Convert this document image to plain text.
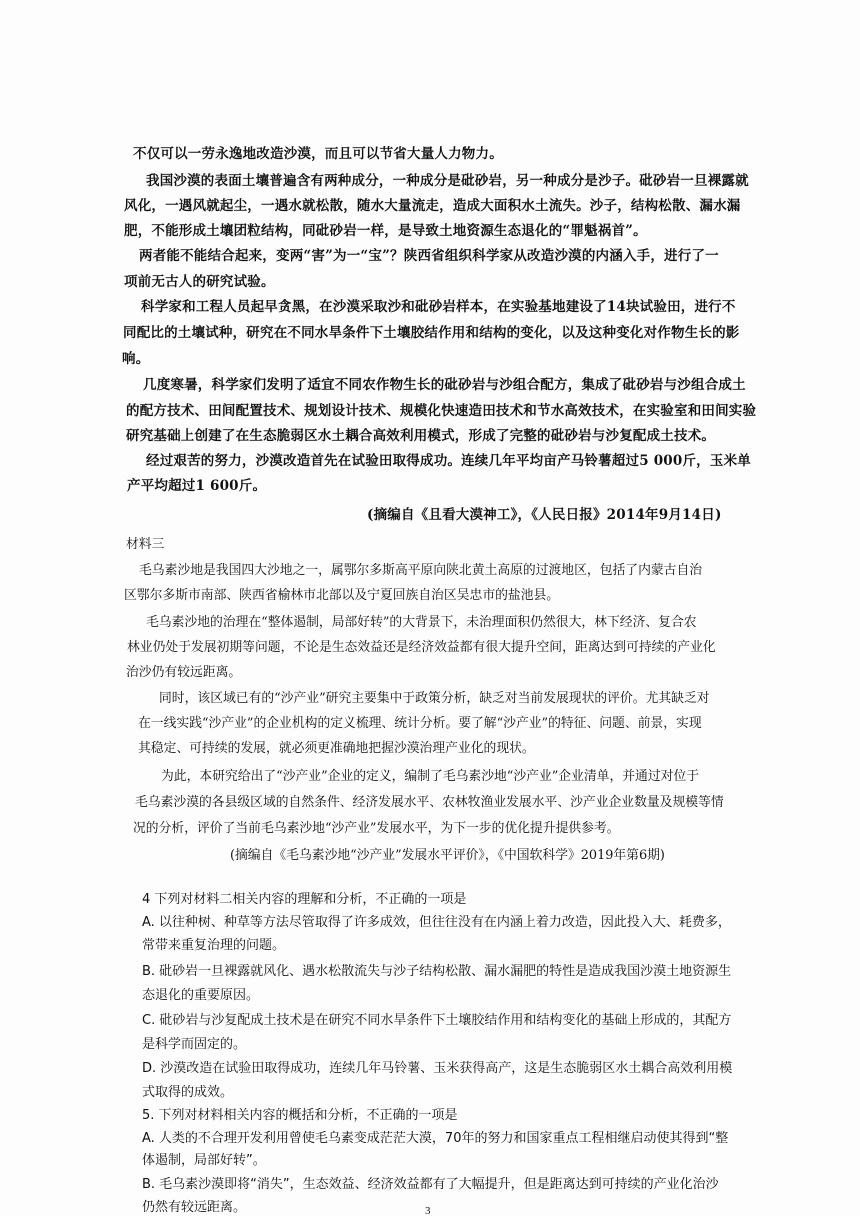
不仅可以一劳永逸地改造沙漠，而且可以节省大量人力物力。
我国沙漠的表面土壤普遍含有两种成分，一种成分是砒砂岩，另一种成分是沙子。砒砂岩一旦裸露就
风化，一遇风就起尘，一遇水就松散，随水大量流走，造成大面积水土流失。沙子，结构松散、漏水漏
肥，不能形成土壤团粒结构，同砒砂岩一样，是导致土地资源生态退化的“罪魁祸首”。
两者能不能结合起来，变两“害”为一“宝”？陕西省组织科学家从改造沙漠的内涵入手，进行了一
项前无古人的研究试验。
科学家和工程人员起早贪黑，在沙漠采取沙和砒砂岩样本，在实验基地建设了14块试验田，进行不
同配比的土壤试种，研究在不同水旱条件下土壤胶结作用和结构的变化，以及这种变化对作物生长的影
响。
几度寒暑，科学家们发明了适宜不同农作物生长的砒砂岩与沙组合配方，集成了砒砂岩与沙组合成土
的配方技术、田间配置技术、规划设计技术、规模化快速造田技术和节水高效技术，在实验室和田间实验
研究基础上创建了在生态脆弱区水土耦合高效利用模式，形成了完整的砒砂岩与沙复配成土技术。
经过艰苦的努力，沙漠改造首先在试验田取得成功。连续几年平均亩产马铃薯超过5 000斤，玉米单
产平均超过1 600斤。
(摘编自《且看大漠神工》，《人民日报》2014年9月14日)
材料三
毛乌素沙地是我国四大沙地之一，属鄂尔多斯高平原向陕北黄土高原的过渡地区，包括了内蒙古自治
区鄂尔多斯市南部、陕西省榆林市北部以及宁夏回族自治区吴忠市的盐池县。
毛乌素沙地的治理在“整体遏制，局部好转”的大背景下，未治理面积仍然很大，林下经济、复合农
林业仍处于发展初期等问题，不论是生态效益还是经济效益都有很大提升空间，距离达到可持续的产业化
治沙仍有较远距离。
同时，该区域已有的“沙产业”研究主要集中于政策分析，缺乏对当前发展现状的评价。尤其缺乏对
在一线实践“沙产业”的企业机构的定义梳理、统计分析。要了解“沙产业”的特征、问题、前景，实现
其稳定、可持续的发展，就必须更准确地把握沙漠治理产业化的现状。
为此，本研究给出了“沙产业”企业的定义，编制了毛乌素沙地“沙产业”企业清单，并通过对位于
毛乌素沙漠的各县级区域的自然条件、经济发展水平、农林牧渔业发展水平、沙产业企业数量及规模等情
况的分析，评价了当前毛乌素沙地“沙产业”发展水平，为下一步的优化提升提供参考。
(摘编自《毛乌素沙地“沙产业”发展水平评价》，《中国软科学》2019年第6期)
4 下列对材料二相关内容的理解和分析，不正确的一项是
A. 以往种树、种草等方法尽管取得了许多成效，但往往没有在内涵上着力改造，因此投入大、耗费多，
常带来重复治理的问题。
B. 砒砂岩一旦裸露就风化、遇水松散流失与沙子结构松散、漏水漏肥的特性是造成我国沙漠土地资源生
态退化的重要原因。
C. 砒砂岩与沙复配成土技术是在研究不同水旱条件下土壤胶结作用和结构变化的基础上形成的，其配方
是科学而固定的。
D. 沙漠改造在试验田取得成功，连续几年马铃薯、玉米获得高产，这是生态脆弱区水土耦合高效利用模
式取得的成效。
5. 下列对材料相关内容的概括和分析，不正确的一项是
A. 人类的不合理开发利用曾使毛乌素变成茫茫大漠，70年的努力和国家重点工程相继启动使其得到“整
体遏制，局部好转”。
B. 毛乌素沙漠即将“消失”，生态效益、经济效益都有了大幅提升，但是距离达到可持续的产业化治沙
仍然有较远距离。	3
